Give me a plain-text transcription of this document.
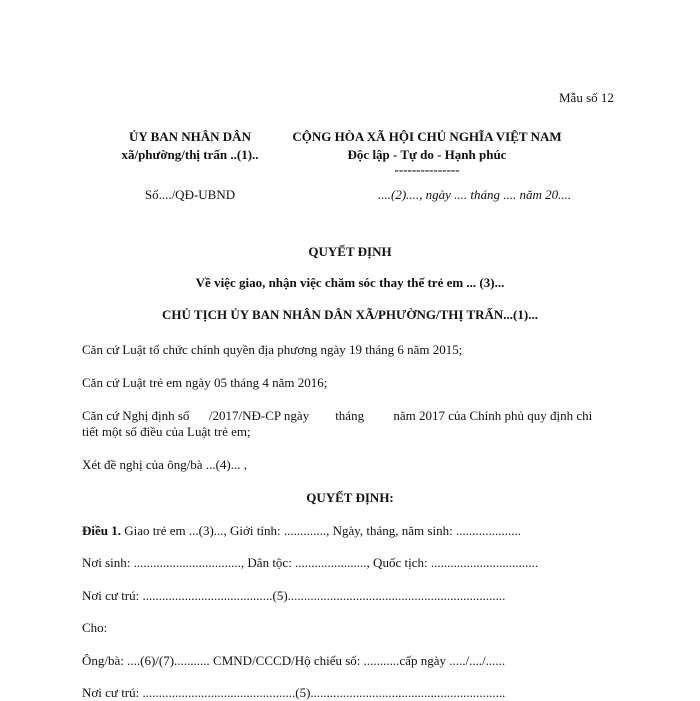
Mẫu số 12
ỦY BAN NHÂN DÂN
xã/phường/thị trấn ..(1)..
CỘNG HÒA XÃ HỘI CHỦ NGHĨA VIỆT NAM
Độc lập - Tự do - Hạnh phúc
---------------
Số..../QĐ-UBND	....(2)...., ngày .... tháng .... năm 20....
QUYẾT ĐỊNH
Về việc giao, nhận việc chăm sóc thay thế trẻ em ... (3)...
CHỦ TỊCH ỦY BAN NHÂN DÂN XÃ/PHƯỜNG/THỊ TRẤN...(1)...
Căn cứ Luật tổ chức chính quyền địa phương ngày 19 tháng 6 năm 2015;
Căn cứ Luật trẻ em ngày 05 tháng 4 năm 2016;
Căn cứ Nghị định số      /2017/NĐ-CP ngày        tháng         năm 2017 của Chính phủ quy định chi
tiết một số điều của Luật trẻ em;
Xét đề nghị của ông/bà ...(4)... ,
QUYẾT ĐỊNH:
Điều 1. Giao trẻ em ...(3)..., Giới tính: ............., Ngày, tháng, năm sinh: ....................
Nơi sinh: ................................., Dân tộc: ......................, Quốc tịch: .................................
Nơi cư trú: ........................................(5)...................................................................
Cho:
Ông/bà: ....(6)/(7)........... CMND/CCCD/Hộ chiếu số: ...........cấp ngày ...../..../......
Nơi cư trú: ...............................................(5)............................................................
